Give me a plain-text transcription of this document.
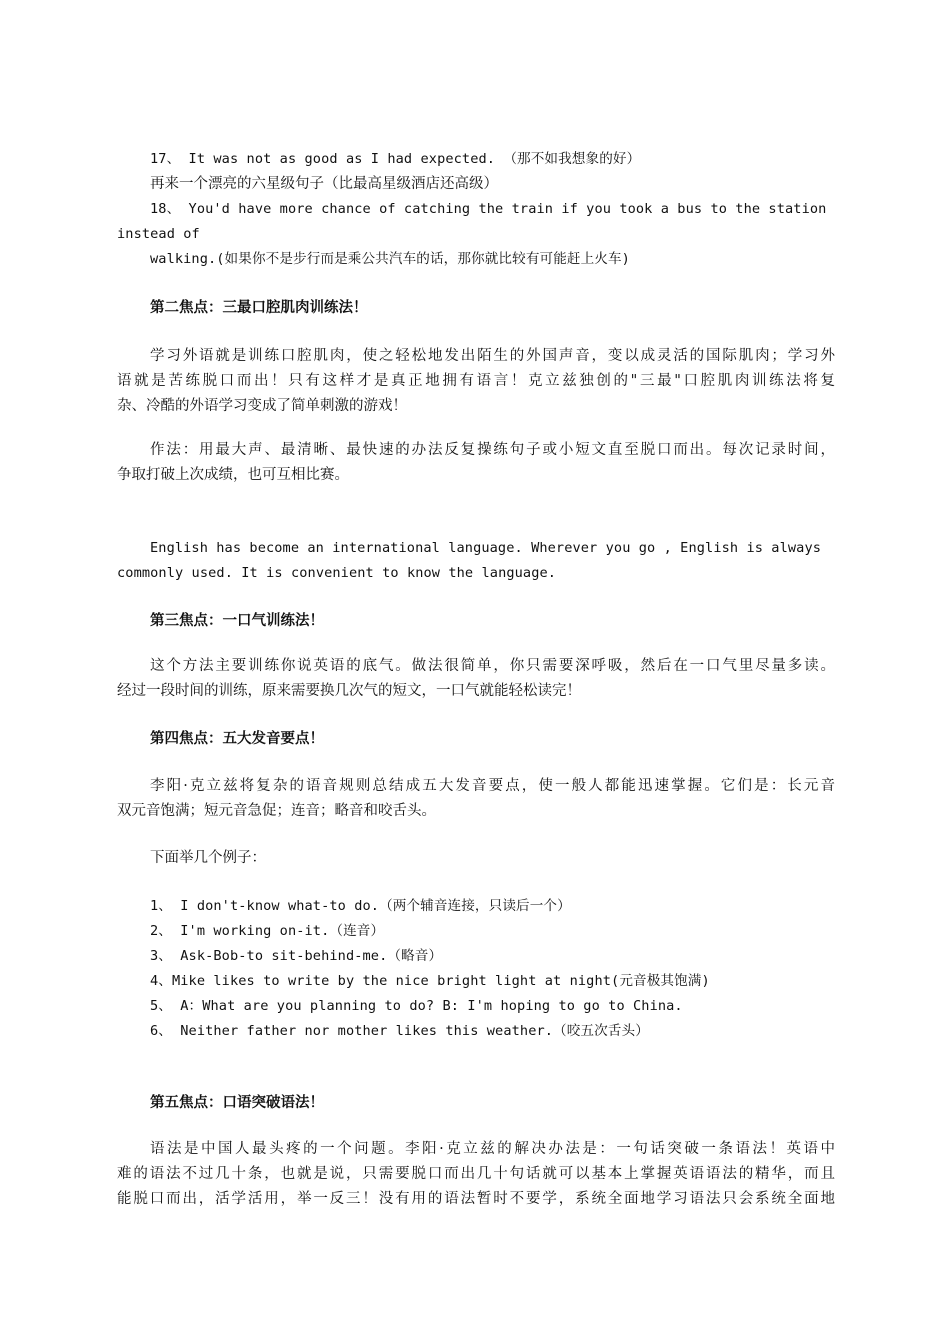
17、 It was not as good as I had expected. （那不如我想象的好）
再来一个漂亮的六星级句子（比最高星级酒店还高级）
18、 You'd have more chance of catching the train if you took a bus to the station
instead of
walking.(如果你不是步行而是乘公共汽车的话，那你就比较有可能赶上火车)
第二焦点：三最口腔肌肉训练法！
学习外语就是训练口腔肌肉，使之轻松地发出陌生的外国声音，变以成灵活的国际肌肉；学习外
语就是苦练脱口而出！只有这样才是真正地拥有语言！克立兹独创的"三最"口腔肌肉训练法将复
杂、冷酷的外语学习变成了简单刺激的游戏！
作法：用最大声、最清晰、最快速的办法反复操练句子或小短文直至脱口而出。每次记录时间，
争取打破上次成绩，也可互相比赛。
English has become an international language. Wherever you go , English is always
commonly used. It is convenient to know the language.
第三焦点：一口气训练法！
这个方法主要训练你说英语的底气。做法很简单，你只需要深呼吸，然后在一口气里尽量多读。
经过一段时间的训练，原来需要换几次气的短文，一口气就能轻松读完！
第四焦点：五大发音要点！
李阳·克立兹将复杂的语音规则总结成五大发音要点，使一般人都能迅速掌握。它们是：长元音
双元音饱满；短元音急促；连音；略音和咬舌头。
下面举几个例子：
1、 I don't-know what-to do.（两个辅音连接，只读后一个）
2、 I'm working on-it.（连音）
3、 Ask-Bob-to sit-behind-me.（略音）
4、Mike likes to write by the nice bright light at night(元音极其饱满)
5、 A：What are you planning to do? B: I'm hoping to go to China.
6、 Neither father nor mother likes this weather.（咬五次舌头）
第五焦点：口语突破语法！
语法是中国人最头疼的一个问题。李阳·克立兹的解决办法是：一句话突破一条语法！英语中
难的语法不过几十条，也就是说，只需要脱口而出几十句话就可以基本上掌握英语语法的精华，而且
能脱口而出，活学活用，举一反三！没有用的语法暂时不要学，系统全面地学习语法只会系统全面地
